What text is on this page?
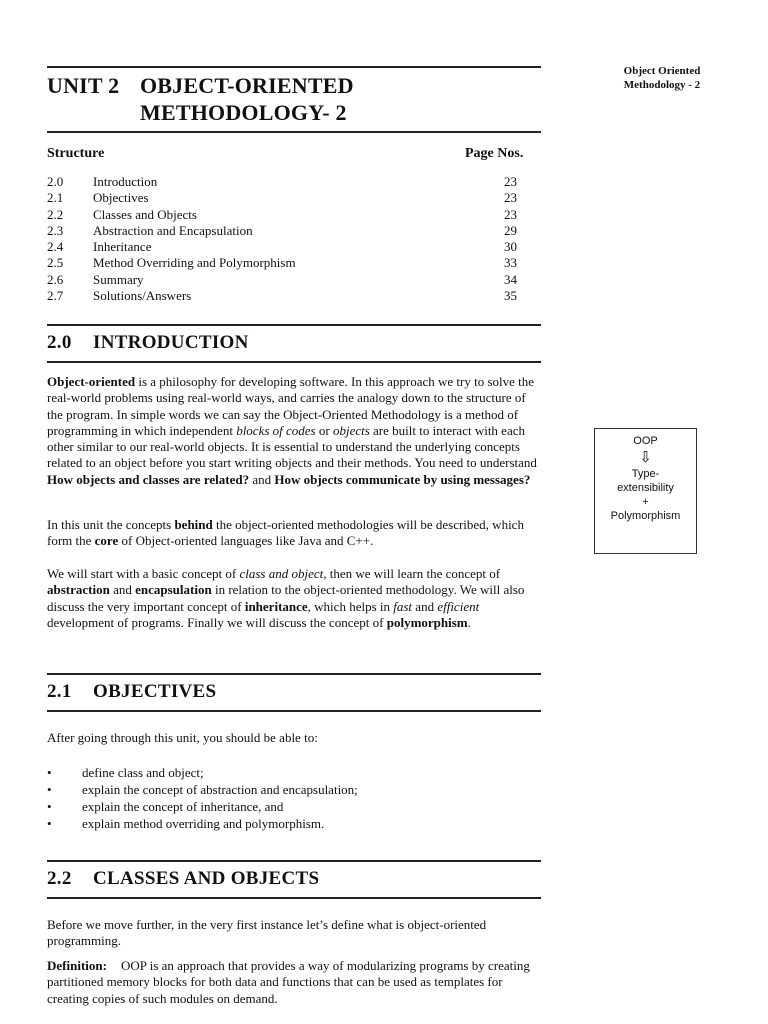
Object Oriented
Methodology - 2
UNIT 2 OBJECT-ORIENTED
METHODOLOGY- 2
Structure	Page Nos.
2.0	Introduction	23
2.1	Objectives	23
2.2	Classes and Objects	23
2.3	Abstraction and Encapsulation	29
2.4	Inheritance	30
2.5	Method Overriding and Polymorphism	33
2.6	Summary	34
2.7	Solutions/Answers	35
2.0 INTRODUCTION

Object-oriented is a philosophy for developing software. In this approach we try to solve the real-world problems using real-world ways, and carries the analogy down to the structure of the program. In simple words we can say the Object-Oriented Methodology is a method of programming in which independent blocks of codes or objects are built to interact with each other similar to our real-world objects. It is essential to understand the underlying concepts related to an object before you start writing objects and their methods. You need to understand How objects and classes are related? and How objects communicate by using messages?

In this unit the concepts behind the object-oriented methodologies will be described, which form the core of Object-oriented languages like Java and C++.

We will start with a basic concept of class and object, then we will learn the concept of abstraction and encapsulation in relation to the object-oriented methodology. We will also discuss the very important concept of inheritance, which helps in fast and efficient development of programs. Finally we will discuss the concept of polymorphism.

2.1 OBJECTIVES

After going through this unit, you should be able to:

•	define class and object;
•	explain the concept of abstraction and encapsulation;
•	explain the concept of inheritance, and
•	explain method overriding and polymorphism.
2.2 CLASSES AND OBJECTS

Before we move further, in the very first instance let’s define what is object-oriented programming.

Definition: OOP is an approach that provides a way of modularizing programs by creating partitioned memory blocks for both data and functions that can be used as templates for creating copies of such modules on demand.

OOP
⇩
Type-
extensibility
+
Polymorphism
